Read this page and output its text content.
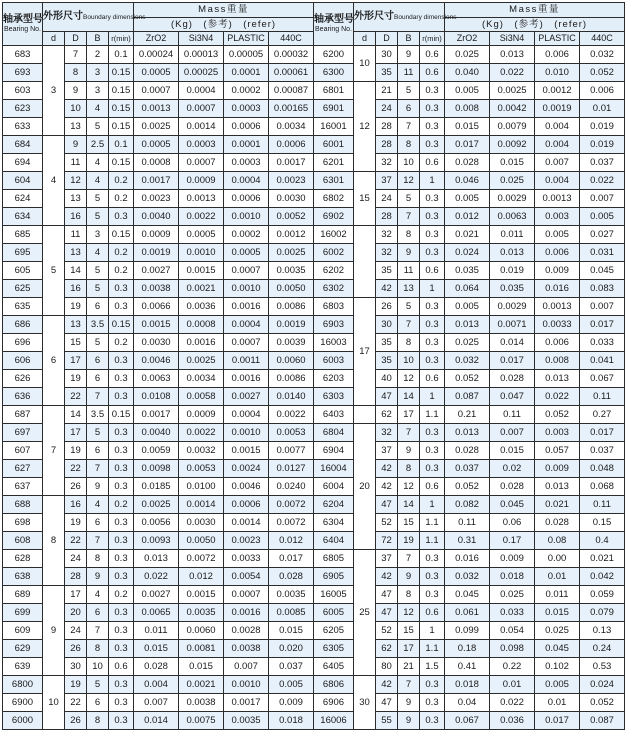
轴承型号
Bearing No.	外形尺寸Boundary dimensions				Mass重量			
					(Kg)　(参考)　(refer)			
	d	D	B	r(min)	ZrO2	Si3N4	PLASTIC	440C
683	3	7	2	0.1	0.00024	0.00013	0.00005	0.00032
693		8	3	0.15	0.0005	0.00025	0.0001	0.00061
603		9	3	0.15	0.0007	0.0004	0.0002	0.00087
623		10	4	0.15	0.0013	0.0007	0.0003	0.00165
633		13	5	0.15	0.0025	0.0014	0.0006	0.0034
684	4	9	2.5	0.1	0.0005	0.0003	0.0001	0.0006
694		11	4	0.15	0.0008	0.0007	0.0003	0.0017
604		12	4	0.2	0.0017	0.0009	0.0004	0.0023
624		13	5	0.2	0.0023	0.0013	0.0006	0.0030
634		16	5	0.3	0.0040	0.0022	0.0010	0.0052
685	5	11	3	0.15	0.0009	0.0005	0.0002	0.0012
695		13	4	0.2	0.0019	0.0010	0.0005	0.0025
605		14	5	0.2	0.0027	0.0015	0.0007	0.0035
625		16	5	0.3	0.0038	0.0021	0.0010	0.0050
635		19	6	0.3	0.0066	0.0036	0.0016	0.0086
686	6	13	3.5	0.15	0.0015	0.0008	0.0004	0.0019
696		15	5	0.2	0.0030	0.0016	0.0007	0.0039
606		17	6	0.3	0.0046	0.0025	0.0011	0.0060
626		19	6	0.3	0.0063	0.0034	0.0016	0.0086
636		22	7	0.3	0.0108	0.0058	0.0027	0.0140
687	7	14	3.5	0.15	0.0017	0.0009	0.0004	0.0022
697		17	5	0.3	0.0040	0.0022	0.0010	0.0053
607		19	6	0.3	0.0059	0.0032	0.0015	0.0077
627		22	7	0.3	0.0098	0.0053	0.0024	0.0127
637		26	9	0.3	0.0185	0.0100	0.0046	0.0240
688	8	16	4	0.2	0.0025	0.0014	0.0006	0.0072
698		19	6	0.3	0.0056	0.0030	0.0014	0.0072
608		22	7	0.3	0.0093	0.0050	0.0023	0.012
628		24	8	0.3	0.013	0.0072	0.0033	0.017
638		28	9	0.3	0.022	0.012	0.0054	0.028
689	9	17	4	0.2	0.0027	0.0015	0.0007	0.0035
699		20	6	0.3	0.0065	0.0035	0.0016	0.0085
609		24	7	0.3	0.011	0.0060	0.0028	0.015
629		26	8	0.3	0.015	0.0081	0.0038	0.020
639		30	10	0.6	0.028	0.015	0.007	0.037
6800	10	19	5	0.3	0.004	0.0021	0.0010	0.005
6900		22	6	0.3	0.007	0.0038	0.0017	0.009
6000		26	8	0.3	0.014	0.0075	0.0035	0.018
轴承型号
Bearing No.	外形尺寸Boundary dimensions				Mass重量			
					(Kg)　(参考)　(refer)			
	d	D	B	r(min)	ZrO2	Si3N4	PLASTIC	440C
6200	10	30	9	0.6	0.025	0.013	0.006	0.032
6300		35	11	0.6	0.040	0.022	0.010	0.052
6801	12	21	5	0.3	0.005	0.0025	0.0012	0.006
6901		24	6	0.3	0.008	0.0042	0.0019	0.01
16001		28	7	0.3	0.015	0.0079	0.004	0.019
6001		28	8	0.3	0.017	0.0092	0.004	0.019
6201		32	10	0.6	0.028	0.015	0.007	0.037
6301	15	37	12	1	0.046	0.025	0.004	0.022
6802		24	5	0.3	0.005	0.0029	0.0013	0.007
6902		28	7	0.3	0.012	0.0063	0.003	0.005
16002		32	8	0.3	0.021	0.011	0.005	0.027
6002		32	9	0.3	0.024	0.013	0.006	0.031
6202		35	11	0.6	0.035	0.019	0.009	0.045
6302		42	13	1	0.064	0.035	0.016	0.083
6803	17	26	5	0.3	0.005	0.0029	0.0013	0.007
6903		30	7	0.3	0.013	0.0071	0.0033	0.017
16003		35	8	0.3	0.025	0.014	0.006	0.033
6003		35	10	0.3	0.032	0.017	0.008	0.041
6203		40	12	0.6	0.052	0.028	0.013	0.067
6303		47	14	1	0.087	0.047	0.022	0.11
6403		62	17	1.1	0.21	0.11	0.052	0.27
6804	20	32	7	0.3	0.013	0.007	0.003	0.017
6904		37	9	0.3	0.028	0.015	0.057	0.037
16004		42	8	0.3	0.037	0.02	0.009	0.048
6004		42	12	0.6	0.052	0.028	0.013	0.068
6204		47	14	1	0.082	0.045	0.021	0.11
6304		52	15	1.1	0.11	0.06	0.028	0.15
6404		72	19	1.1	0.31	0.17	0.08	0.4
6805	25	37	7	0.3	0.016	0.009	0.00	0.021
6905		42	9	0.3	0.032	0.018	0.01	0.042
16005		47	8	0.3	0.045	0.025	0.011	0.059
6005		47	12	0.6	0.061	0.033	0.015	0.079
6205		52	15	1	0.099	0.054	0.025	0.13
6305		62	17	1.1	0.18	0.098	0.045	0.24
6405		80	21	1.5	0.41	0.22	0.102	0.53
6806	30	42	7	0.3	0.018	0.01	0.005	0.024
6906		47	9	0.3	0.04	0.022	0.01	0.052
16006		55	9	0.3	0.067	0.036	0.017	0.087
